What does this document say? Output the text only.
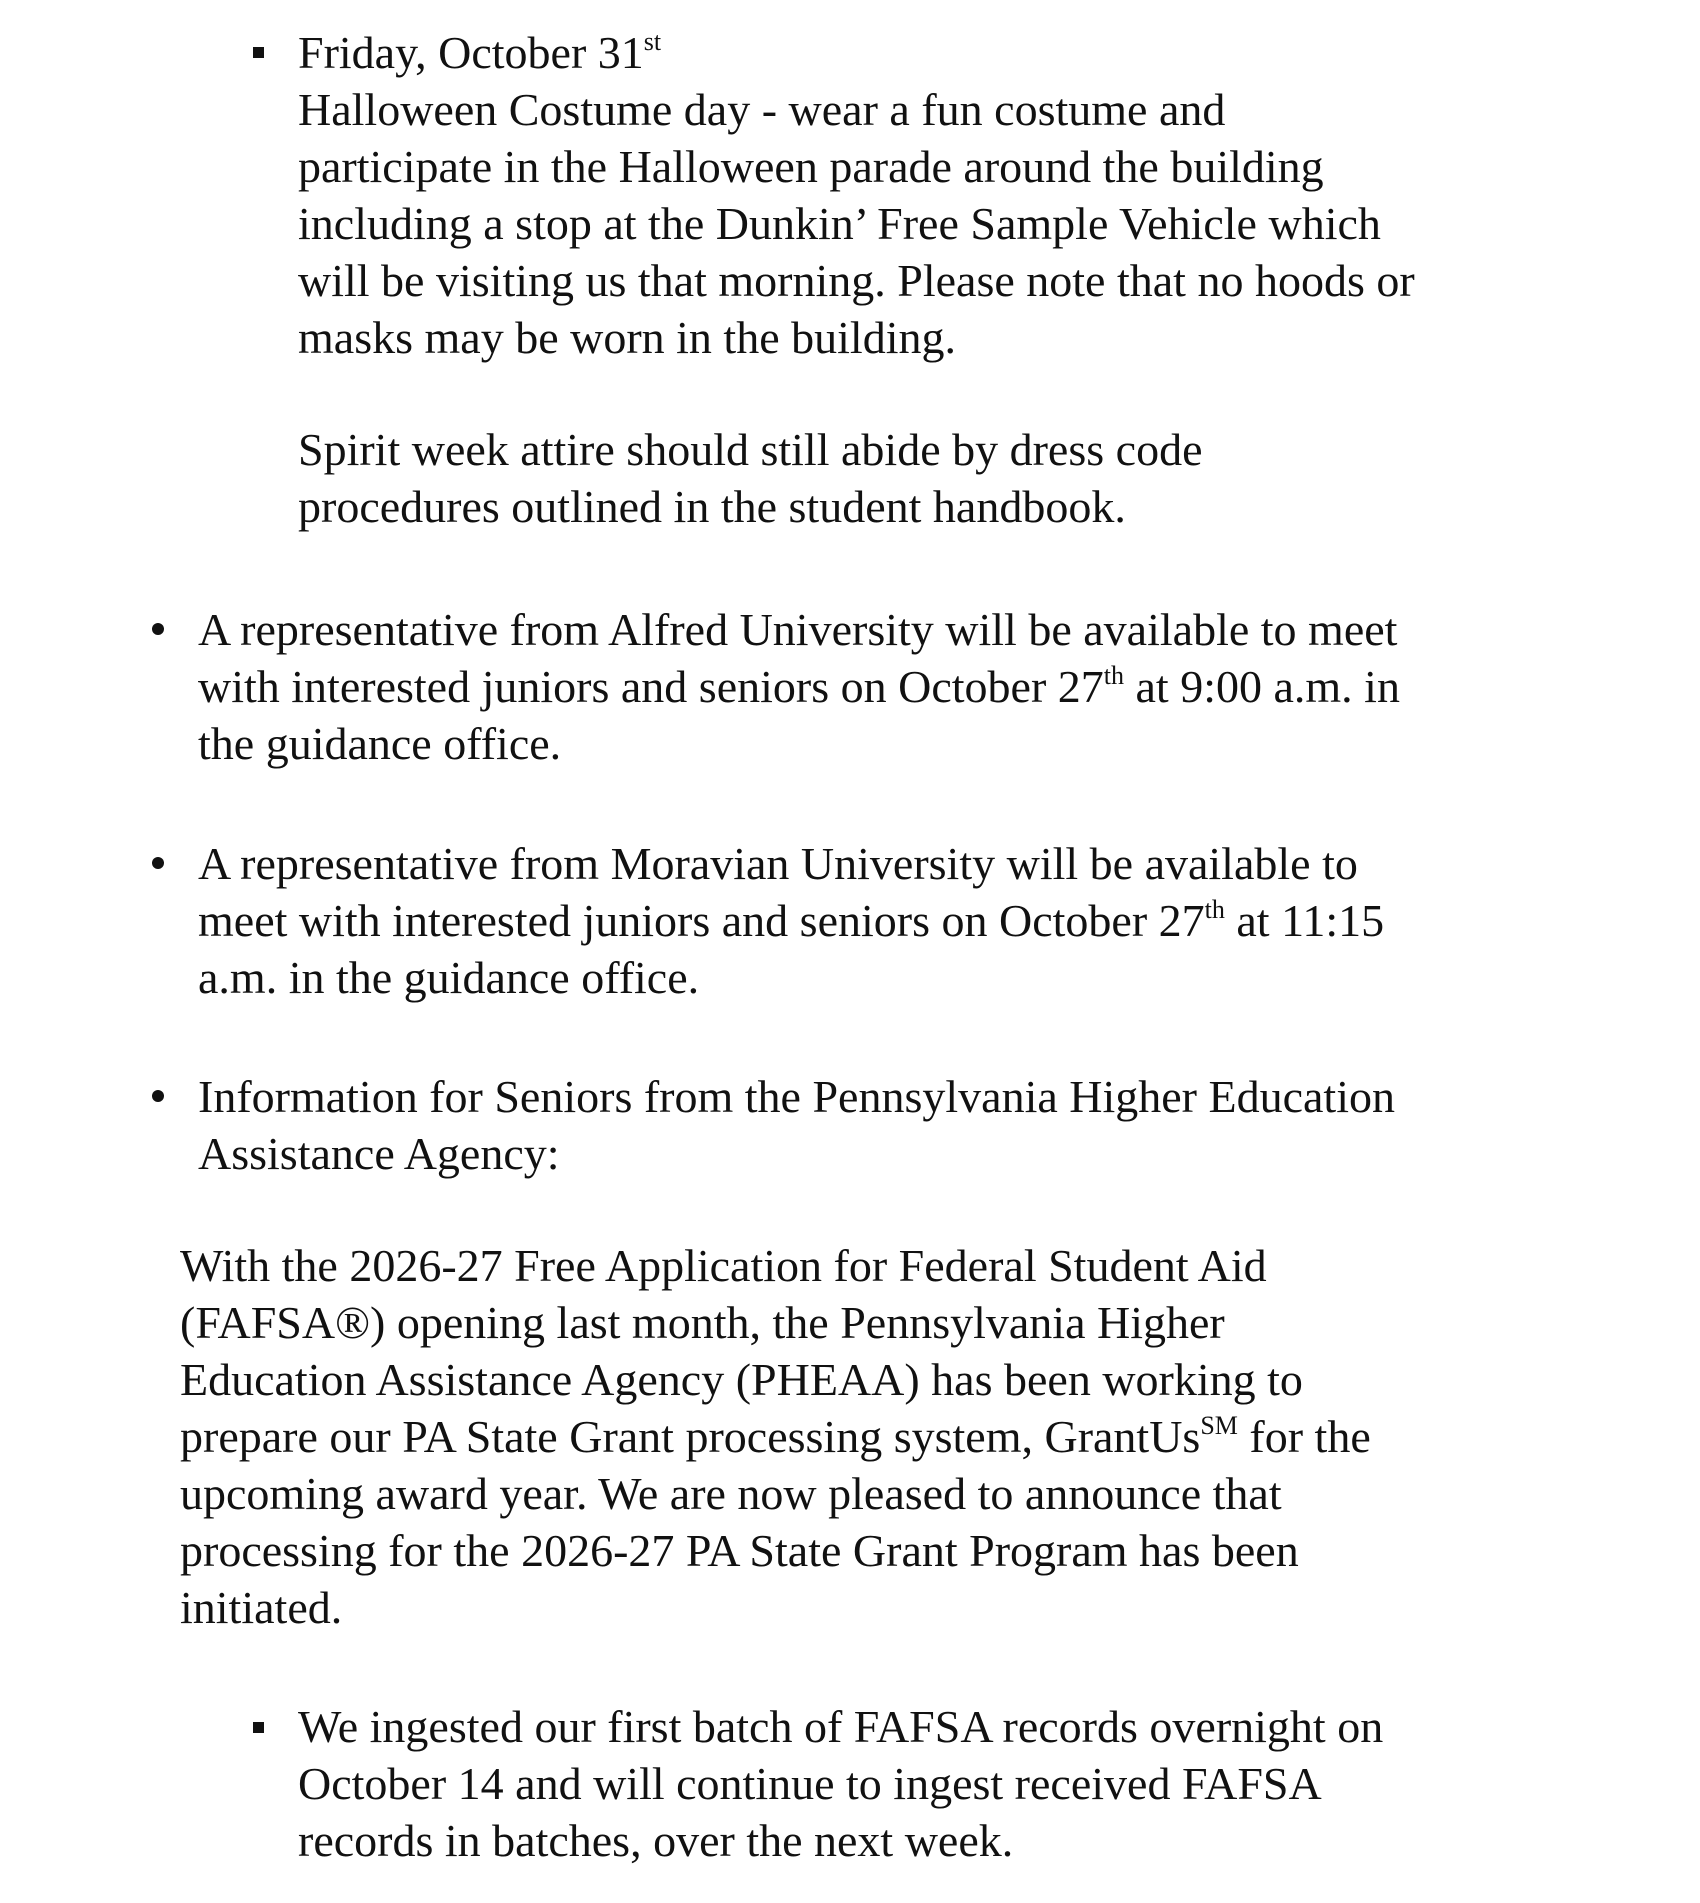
Friday, October 31st
Halloween Costume day - wear a fun costume and
participate in the Halloween parade around the building
including a stop at the Dunkin’ Free Sample Vehicle which
will be visiting us that morning. Please note that no hoods or
masks may be worn in the building.
Spirit week attire should still abide by dress code
procedures outlined in the student handbook.
A representative from Alfred University will be available to meet
with interested juniors and seniors on October 27th at 9:00 a.m. in
the guidance office.
A representative from Moravian University will be available to
meet with interested juniors and seniors on October 27th at 11:15
a.m. in the guidance office.
Information for Seniors from the Pennsylvania Higher Education
Assistance Agency:
With the 2026-27 Free Application for Federal Student Aid
(FAFSA®) opening last month, the Pennsylvania Higher
Education Assistance Agency (PHEAA) has been working to
prepare our PA State Grant processing system, GrantUs℠ for the
upcoming award year. We are now pleased to announce that
processing for the 2026-27 PA State Grant Program has been
initiated.
We ingested our first batch of FAFSA records overnight on
October 14 and will continue to ingest received FAFSA
records in batches, over the next week.
